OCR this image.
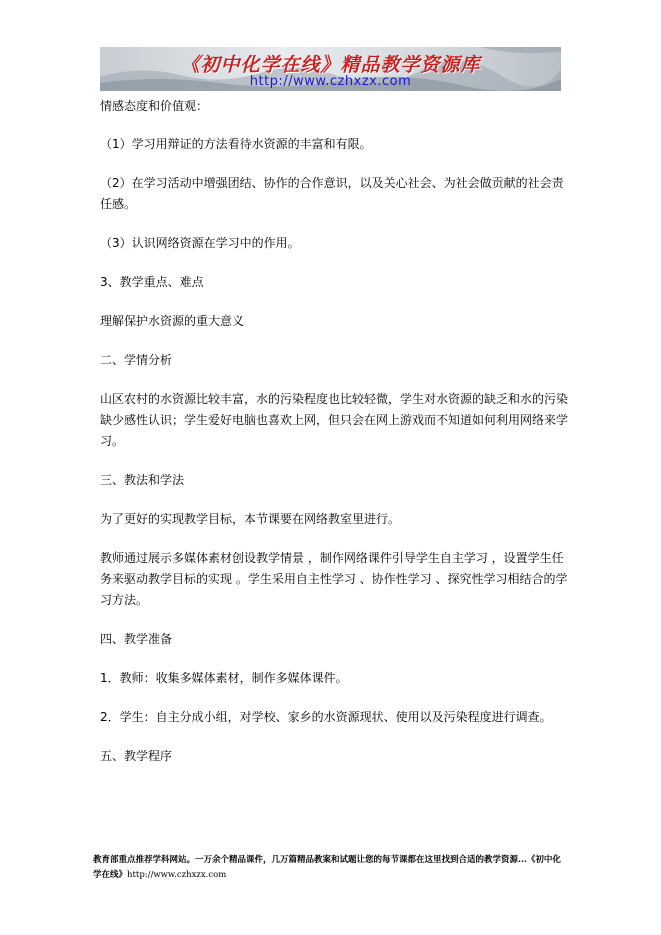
《初中化学在线》精品教学资源库
http://www.czhxzx.com

情感态度和价值观：

（1）学习用辩证的方法看待水资源的丰富和有限。

（2）在学习活动中增强团结、协作的合作意识，以及关心社会、为社会做贡献的社会责任感。

（3）认识网络资源在学习中的作用。

3、教学重点、难点

理解保护水资源的重大意义

二、学情分析

山区农村的水资源比较丰富，水的污染程度也比较轻微，学生对水资源的缺乏和水的污染缺少感性认识；学生爱好电脑也喜欢上网，但只会在网上游戏而不知道如何利用网络来学习。

三、教法和学法

为了更好的实现教学目标，本节课要在网络教室里进行。

教师通过展示多媒体素材创设教学情景 ，制作网络课件引导学生自主学习 ，设置学生任务来驱动教学目标的实现 。学生采用自主性学习 、协作性学习 、探究性学习相结合的学习方法。

四、教学准备

1．教师：收集多媒体素材，制作多媒体课件。

2．学生：自主分成小组，对学校、家乡的水资源现状、使用以及污染程度进行调查。

五、教学程序

教育部重点推荐学科网站。一万余个精品课件，几万篇精品教案和试题让您的每节课都在这里找到合适的教学资源...《初中化学在线》http://www.czhxzx.com
